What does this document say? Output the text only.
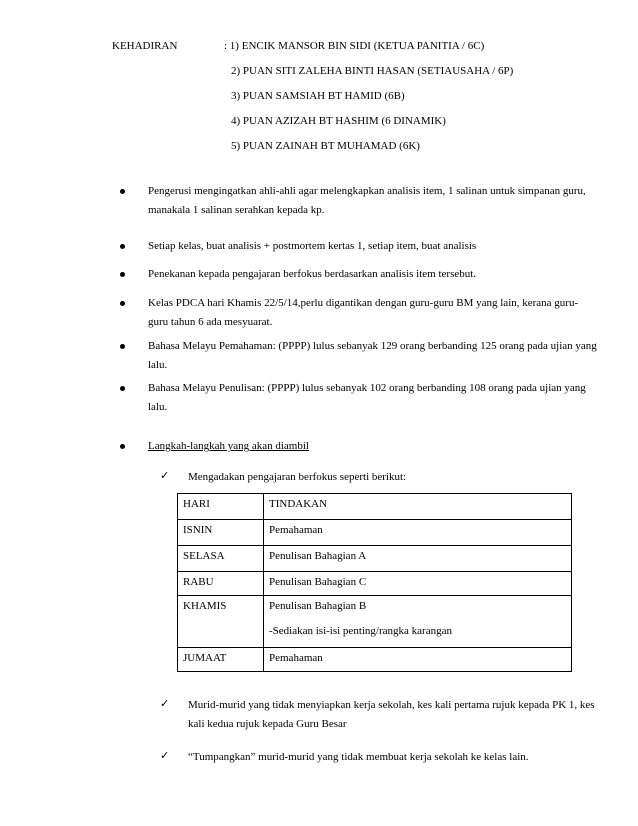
KEHADIRAN	: 1) ENCIK MANSOR BIN SIDI (KETUA PANITIA / 6C)
2) PUAN SITI ZALEHA BINTI HASAN (SETIAUSAHA / 6P)
3) PUAN SAMSIAH BT HAMID (6B)
4) PUAN AZIZAH BT HASHIM (6 DINAMIK)
5) PUAN ZAINAH BT MUHAMAD (6K)
Pengerusi mengingatkan ahli-ahli agar melengkapkan analisis item, 1 salinan untuk simpanan guru, manakala 1 salinan serahkan kepada kp.
Setiap kelas, buat analisis + postmortem kertas 1, setiap item, buat analisis
Penekanan kepada pengajaran berfokus berdasarkan analisis item tersebut.
Kelas PDCA hari Khamis 22/5/14,perlu digantikan dengan guru-guru BM yang lain, kerana guru-guru tahun 6 ada mesyuarat.
Bahasa Melayu Pemahaman: (PPPP) lulus sebanyak 129 orang berbanding 125 orang pada ujian yang lalu.
Bahasa Melayu Penulisan: (PPPP) lulus sebanyak 102 orang berbanding 108 orang pada ujian yang lalu.
Langkah-langkah yang akan diambil
✓ Mengadakan pengajaran berfokus seperti berikut:
HARI	TINDAKAN
ISNIN	Pemahaman
SELASA	Penulisan Bahagian A
RABU	Penulisan Bahagian C
KHAMIS	Penulisan Bahagian B
-Sediakan isi-isi penting/rangka karangan

JUMAAT	Pemahaman
✓ Murid-murid yang tidak menyiapkan kerja sekolah, kes kali pertama rujuk kepada PK 1, kes kali kedua rujuk kepada Guru Besar
✓ “Tumpangkan” murid-murid yang tidak membuat kerja sekolah ke kelas lain.
